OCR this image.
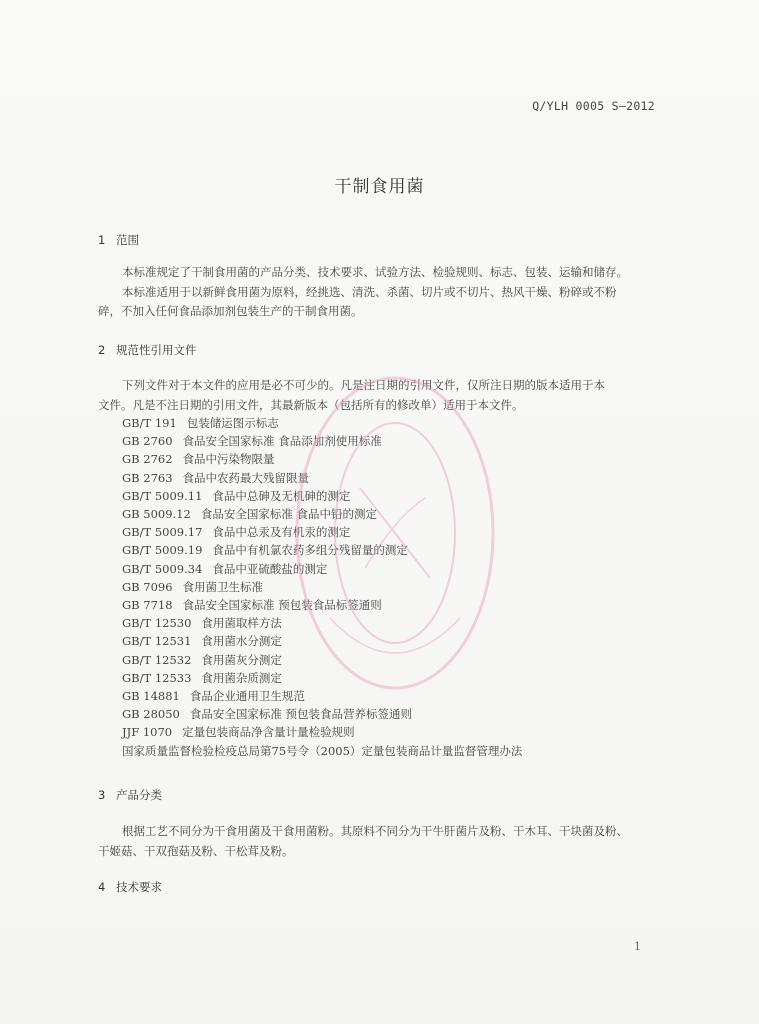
Q/YLH 0005 S—2012
干制食用菌
1 范围
本标准规定了干制食用菌的产品分类、技术要求、试验方法、检验规则、标志、包装、运输和储存。
本标准适用于以新鲜食用菌为原料，经挑选、清洗、杀菌、切片或不切片、热风干燥、粉碎或不粉
碎，不加入任何食品添加剂包装生产的干制食用菌。
2 规范性引用文件
下列文件对于本文件的应用是必不可少的。凡是注日期的引用文件，仅所注日期的版本适用于本
文件。凡是不注日期的引用文件，其最新版本（包括所有的修改单）适用于本文件。
GB/T 191 包装储运图示标志
GB 2760 食品安全国家标准 食品添加剂使用标准
GB 2762 食品中污染物限量
GB 2763 食品中农药最大残留限量
GB/T 5009.11 食品中总砷及无机砷的测定
GB 5009.12 食品安全国家标准 食品中铅的测定
GB/T 5009.17 食品中总汞及有机汞的测定
GB/T 5009.19 食品中有机氯农药多组分残留量的测定
GB/T 5009.34 食品中亚硫酸盐的测定
GB 7096 食用菌卫生标准
GB 7718 食品安全国家标准 预包装食品标签通则
GB/T 12530 食用菌取样方法
GB/T 12531 食用菌水分测定
GB/T 12532 食用菌灰分测定
GB/T 12533 食用菌杂质测定
GB 14881 食品企业通用卫生规范
GB 28050 食品安全国家标准 预包装食品营养标签通则
JJF 1070 定量包装商品净含量计量检验规则
国家质量监督检验检疫总局第75号令（2005）定量包装商品计量监督管理办法
3 产品分类
根据工艺不同分为干食用菌及干食用菌粉。其原料不同分为干牛肝菌片及粉、干木耳、干块菌及粉、
干姬菇、干双孢菇及粉、干松茸及粉。
4 技术要求
1
